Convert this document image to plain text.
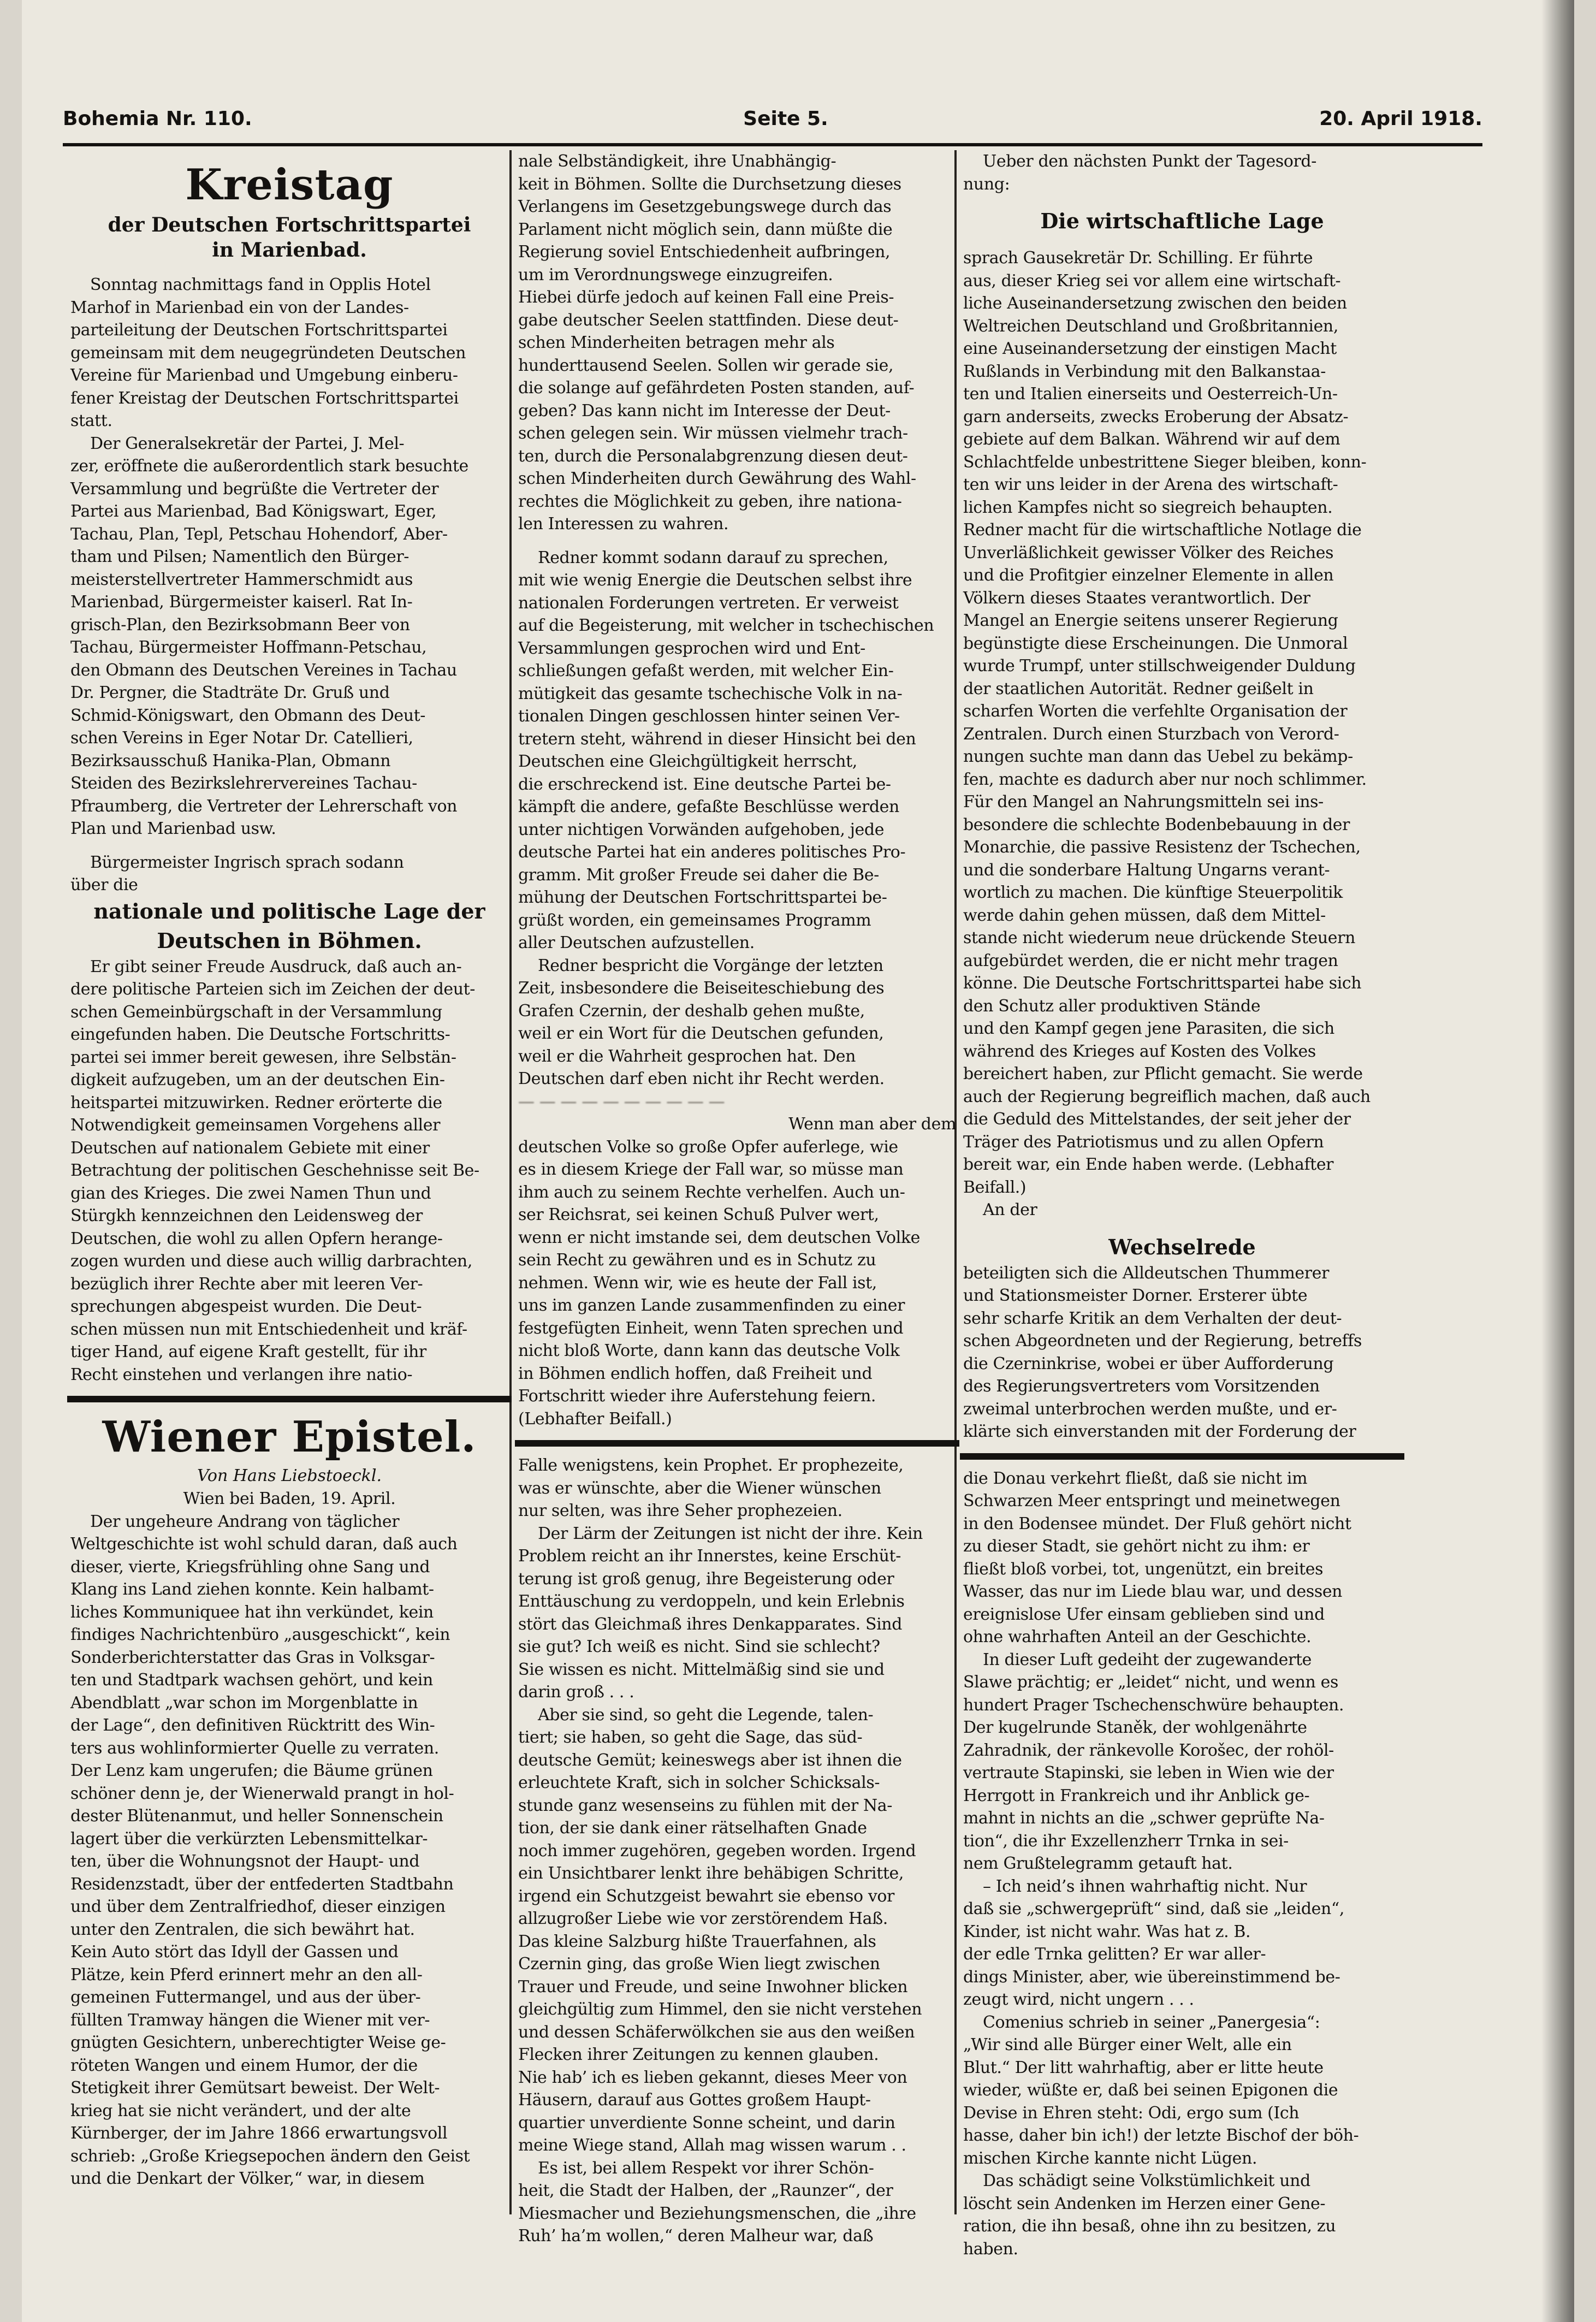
Bohemia Nr. 110.	Seite 5.	20. April 1918.
Kreistag
der Deutschen Fortschrittspartei
in Marienbad.
Sonntag nachmittags fand in Opplis Hotel
Marhof in Marienbad ein von der Landes-
parteileitung der Deutschen Fortschrittspartei
gemeinsam mit dem neugegründeten Deutschen
Vereine für Marienbad und Umgebung einberu-
fener Kreistag der Deutschen Fortschrittspartei
statt.
Der Generalsekretär der Partei, J. Mel-
zer, eröffnete die außerordentlich stark besuchte
Versammlung und begrüßte die Vertreter der
Partei aus Marienbad, Bad Königswart, Eger,
Tachau, Plan, Tepl, Petschau Hohendorf, Aber-
tham und Pilsen; Namentlich den Bürger-
meisterstellvertreter Hammerschmidt aus
Marienbad, Bürgermeister kaiserl. Rat In-
grisch-Plan, den Bezirksobmann Beer von
Tachau, Bürgermeister Hoffmann-Petschau,
den Obmann des Deutschen Vereines in Tachau
Dr. Pergner, die Stadträte Dr. Gruß und
Schmid-Königswart, den Obmann des Deut-
schen Vereins in Eger Notar Dr. Catellieri,
Bezirksausschuß Hanika-Plan, Obmann
Steiden des Bezirkslehrervereines Tachau-
Pfraumberg, die Vertreter der Lehrerschaft von
Plan und Marienbad usw.
Bürgermeister Ingrisch sprach sodann
über die
nationale und politische Lage der
Deutschen in Böhmen.
Er gibt seiner Freude Ausdruck, daß auch an-
dere politische Parteien sich im Zeichen der deut-
schen Gemeinbürgschaft in der Versammlung
eingefunden haben. Die Deutsche Fortschritts-
partei sei immer bereit gewesen, ihre Selbstän-
digkeit aufzugeben, um an der deutschen Ein-
heitspartei mitzuwirken. Redner erörterte die
Notwendigkeit gemeinsamen Vorgehens aller
Deutschen auf nationalem Gebiete mit einer
Betrachtung der politischen Geschehnisse seit Be-
gian des Krieges. Die zwei Namen Thun und
Stürgkh kennzeichnen den Leidensweg der
Deutschen, die wohl zu allen Opfern herange-
zogen wurden und diese auch willig darbrachten,
bezüglich ihrer Rechte aber mit leeren Ver-
sprechungen abgespeist wurden. Die Deut-
schen müssen nun mit Entschiedenheit und kräf-
tiger Hand, auf eigene Kraft gestellt, für ihr
Recht einstehen und verlangen ihre natio-
Wiener Epistel.
Von Hans Liebstoeckl.
Wien bei Baden, 19. April.
Der ungeheure Andrang von täglicher
Weltgeschichte ist wohl schuld daran, daß auch
dieser, vierte, Kriegsfrühling ohne Sang und
Klang ins Land ziehen konnte. Kein halbamt-
liches Kommuniquee hat ihn verkündet, kein
findiges Nachrichtenbüro „ausgeschickt“, kein
Sonderberichterstatter das Gras in Volksgar-
ten und Stadtpark wachsen gehört, und kein
Abendblatt „war schon im Morgenblatte in
der Lage“, den definitiven Rücktritt des Win-
ters aus wohlinformierter Quelle zu verraten.
Der Lenz kam ungerufen; die Bäume grünen
schöner denn je, der Wienerwald prangt in hol-
dester Blütenanmut, und heller Sonnenschein
lagert über die verkürzten Lebensmittelkar-
ten, über die Wohnungsnot der Haupt- und
Residenzstadt, über der entfederten Stadtbahn
und über dem Zentralfriedhof, dieser einzigen
unter den Zentralen, die sich bewährt hat.
Kein Auto stört das Idyll der Gassen und
Plätze, kein Pferd erinnert mehr an den all-
gemeinen Futtermangel, und aus der über-
füllten Tramway hängen die Wiener mit ver-
gnügten Gesichtern, unberechtigter Weise ge-
röteten Wangen und einem Humor, der die
Stetigkeit ihrer Gemütsart beweist. Der Welt-
krieg hat sie nicht verändert, und der alte
Kürnberger, der im Jahre 1866 erwartungsvoll
schrieb: „Große Kriegsepochen ändern den Geist
und die Denkart der Völker,“ war, in diesem
nale Selbständigkeit, ihre Unabhängig-
keit in Böhmen. Sollte die Durchsetzung dieses
Verlangens im Gesetzgebungswege durch das
Parlament nicht möglich sein, dann müßte die
Regierung soviel Entschiedenheit aufbringen,
um im Verordnungswege einzugreifen.
Hiebei dürfe jedoch auf keinen Fall eine Preis-
gabe deutscher Seelen stattfinden. Diese deut-
schen Minderheiten betragen mehr als
hunderttausend Seelen. Sollen wir gerade sie,
die solange auf gefährdeten Posten standen, auf-
geben? Das kann nicht im Interesse der Deut-
schen gelegen sein. Wir müssen vielmehr trach-
ten, durch die Personalabgrenzung diesen deut-
schen Minderheiten durch Gewährung des Wahl-
rechtes die Möglichkeit zu geben, ihre nationa-
len Interessen zu wahren.
Redner kommt sodann darauf zu sprechen,
mit wie wenig Energie die Deutschen selbst ihre
nationalen Forderungen vertreten. Er verweist
auf die Begeisterung, mit welcher in tschechischen
Versammlungen gesprochen wird und Ent-
schließungen gefaßt werden, mit welcher Ein-
mütigkeit das gesamte tschechische Volk in na-
tionalen Dingen geschlossen hinter seinen Ver-
tretern steht, während in dieser Hinsicht bei den
Deutschen eine Gleichgültigkeit herrscht,
die erschreckend ist. Eine deutsche Partei be-
kämpft die andere, gefaßte Beschlüsse werden
unter nichtigen Vorwänden aufgehoben, jede
deutsche Partei hat ein anderes politisches Pro-
gramm. Mit großer Freude sei daher die Be-
mühung der Deutschen Fortschrittspartei be-
grüßt worden, ein gemeinsames Programm
aller Deutschen aufzustellen.
Redner bespricht die Vorgänge der letzten
Zeit, insbesondere die Beiseiteschiebung des
Grafen Czernin, der deshalb gehen mußte,
weil er ein Wort für die Deutschen gefunden,
weil er die Wahrheit gesprochen hat. Den
Deutschen darf eben nicht ihr Recht werden.
— — — — — — — — — —
Wenn man aber dem
deutschen Volke so große Opfer auferlege, wie
es in diesem Kriege der Fall war, so müsse man
ihm auch zu seinem Rechte verhelfen. Auch un-
ser Reichsrat, sei keinen Schuß Pulver wert,
wenn er nicht imstande sei, dem deutschen Volke
sein Recht zu gewähren und es in Schutz zu
nehmen. Wenn wir, wie es heute der Fall ist,
uns im ganzen Lande zusammenfinden zu einer
festgefügten Einheit, wenn Taten sprechen und
nicht bloß Worte, dann kann das deutsche Volk
in Böhmen endlich hoffen, daß Freiheit und
Fortschritt wieder ihre Auferstehung feiern.
(Lebhafter Beifall.)
Falle wenigstens, kein Prophet. Er prophezeite,
was er wünschte, aber die Wiener wünschen
nur selten, was ihre Seher prophezeien.
Der Lärm der Zeitungen ist nicht der ihre. Kein
Problem reicht an ihr Innerstes, keine Erschüt-
terung ist groß genug, ihre Begeisterung oder
Enttäuschung zu verdoppeln, und kein Erlebnis
stört das Gleichmaß ihres Denkapparates. Sind
sie gut? Ich weiß es nicht. Sind sie schlecht?
Sie wissen es nicht. Mittelmäßig sind sie und
darin groß . . .
Aber sie sind, so geht die Legende, talen-
tiert; sie haben, so geht die Sage, das süd-
deutsche Gemüt; keineswegs aber ist ihnen die
erleuchtete Kraft, sich in solcher Schicksals-
stunde ganz wesenseins zu fühlen mit der Na-
tion, der sie dank einer rätselhaften Gnade
noch immer zugehören, gegeben worden. Irgend
ein Unsichtbarer lenkt ihre behäbigen Schritte,
irgend ein Schutzgeist bewahrt sie ebenso vor
allzugroßer Liebe wie vor zerstörendem Haß.
Das kleine Salzburg hißte Trauerfahnen, als
Czernin ging, das große Wien liegt zwischen
Trauer und Freude, und seine Inwohner blicken
gleichgültig zum Himmel, den sie nicht verstehen
und dessen Schäferwölkchen sie aus den weißen
Flecken ihrer Zeitungen zu kennen glauben.
Nie hab’ ich es lieben gekannt, dieses Meer von
Häusern, darauf aus Gottes großem Haupt-
quartier unverdiente Sonne scheint, und darin
meine Wiege stand, Allah mag wissen warum . .
Es ist, bei allem Respekt vor ihrer Schön-
heit, die Stadt der Halben, der „Raunzer“, der
Miesmacher und Beziehungsmenschen, die „ihre
Ruh’ ha’m wollen,“ deren Malheur war, daß
Ueber den nächsten Punkt der Tagesord-
nung:
Die wirtschaftliche Lage
sprach Gausekretär Dr. Schilling. Er führte
aus, dieser Krieg sei vor allem eine wirtschaft-
liche Auseinandersetzung zwischen den beiden
Weltreichen Deutschland und Großbritannien,
eine Auseinandersetzung der einstigen Macht
Rußlands in Verbindung mit den Balkanstaa-
ten und Italien einerseits und Oesterreich-Un-
garn anderseits, zwecks Eroberung der Absatz-
gebiete auf dem Balkan. Während wir auf dem
Schlachtfelde unbestrittene Sieger bleiben, konn-
ten wir uns leider in der Arena des wirtschaft-
lichen Kampfes nicht so siegreich behaupten.
Redner macht für die wirtschaftliche Notlage die
Unverläßlichkeit gewisser Völker des Reiches
und die Profitgier einzelner Elemente in allen
Völkern dieses Staates verantwortlich. Der
Mangel an Energie seitens unserer Regierung
begünstigte diese Erscheinungen. Die Unmoral
wurde Trumpf, unter stillschweigender Duldung
der staatlichen Autorität. Redner geißelt in
scharfen Worten die verfehlte Organisation der
Zentralen. Durch einen Sturzbach von Verord-
nungen suchte man dann das Uebel zu bekämp-
fen, machte es dadurch aber nur noch schlimmer.
Für den Mangel an Nahrungsmitteln sei ins-
besondere die schlechte Bodenbebauung in der
Monarchie, die passive Resistenz der Tschechen,
und die sonderbare Haltung Ungarns verant-
wortlich zu machen. Die künftige Steuerpolitik
werde dahin gehen müssen, daß dem Mittel-
stande nicht wiederum neue drückende Steuern
aufgebürdet werden, die er nicht mehr tragen
könne. Die Deutsche Fortschrittspartei habe sich
den Schutz aller produktiven Stände
und den Kampf gegen jene Parasiten, die sich
während des Krieges auf Kosten des Volkes
bereichert haben, zur Pflicht gemacht. Sie werde
auch der Regierung begreiflich machen, daß auch
die Geduld des Mittelstandes, der seit jeher der
Träger des Patriotismus und zu allen Opfern
bereit war, ein Ende haben werde. (Lebhafter
Beifall.)
An der
Wechselrede
beteiligten sich die Alldeutschen Thummerer
und Stationsmeister Dorner. Ersterer übte
sehr scharfe Kritik an dem Verhalten der deut-
schen Abgeordneten und der Regierung, betreffs
die Czerninkrise, wobei er über Aufforderung
des Regierungsvertreters vom Vorsitzenden
zweimal unterbrochen werden mußte, und er-
klärte sich einverstanden mit der Forderung der
die Donau verkehrt fließt, daß sie nicht im
Schwarzen Meer entspringt und meinetwegen
in den Bodensee mündet. Der Fluß gehört nicht
zu dieser Stadt, sie gehört nicht zu ihm: er
fließt bloß vorbei, tot, ungenützt, ein breites
Wasser, das nur im Liede blau war, und dessen
ereignislose Ufer einsam geblieben sind und
ohne wahrhaften Anteil an der Geschichte.
In dieser Luft gedeiht der zugewanderte
Slawe prächtig; er „leidet“ nicht, und wenn es
hundert Prager Tschechenschwüre behaupten.
Der kugelrunde Staněk, der wohlgenährte
Zahradnik, der ränkevolle Korošec, der rohöl-
vertraute Stapinski, sie leben in Wien wie der
Herrgott in Frankreich und ihr Anblick ge-
mahnt in nichts an die „schwer geprüfte Na-
tion“, die ihr Exzellenzherr Trnka in sei-
nem Grußtelegramm getauft hat.
– Ich neid’s ihnen wahrhaftig nicht. Nur
daß sie „schwergeprüft“ sind, daß sie „leiden“,
Kinder, ist nicht wahr. Was hat z. B.
der edle Trnka gelitten? Er war aller-
dings Minister, aber, wie übereinstimmend be-
zeugt wird, nicht ungern . . .
Comenius schrieb in seiner „Panergesia“:
„Wir sind alle Bürger einer Welt, alle ein
Blut.“ Der litt wahrhaftig, aber er litte heute
wieder, wüßte er, daß bei seinen Epigonen die
Devise in Ehren steht: Odi, ergo sum (Ich
hasse, daher bin ich!) der letzte Bischof der böh-
mischen Kirche kannte nicht Lügen.
Das schädigt seine Volkstümlichkeit und
löscht sein Andenken im Herzen einer Gene-
ration, die ihn besaß, ohne ihn zu besitzen, zu
haben.
